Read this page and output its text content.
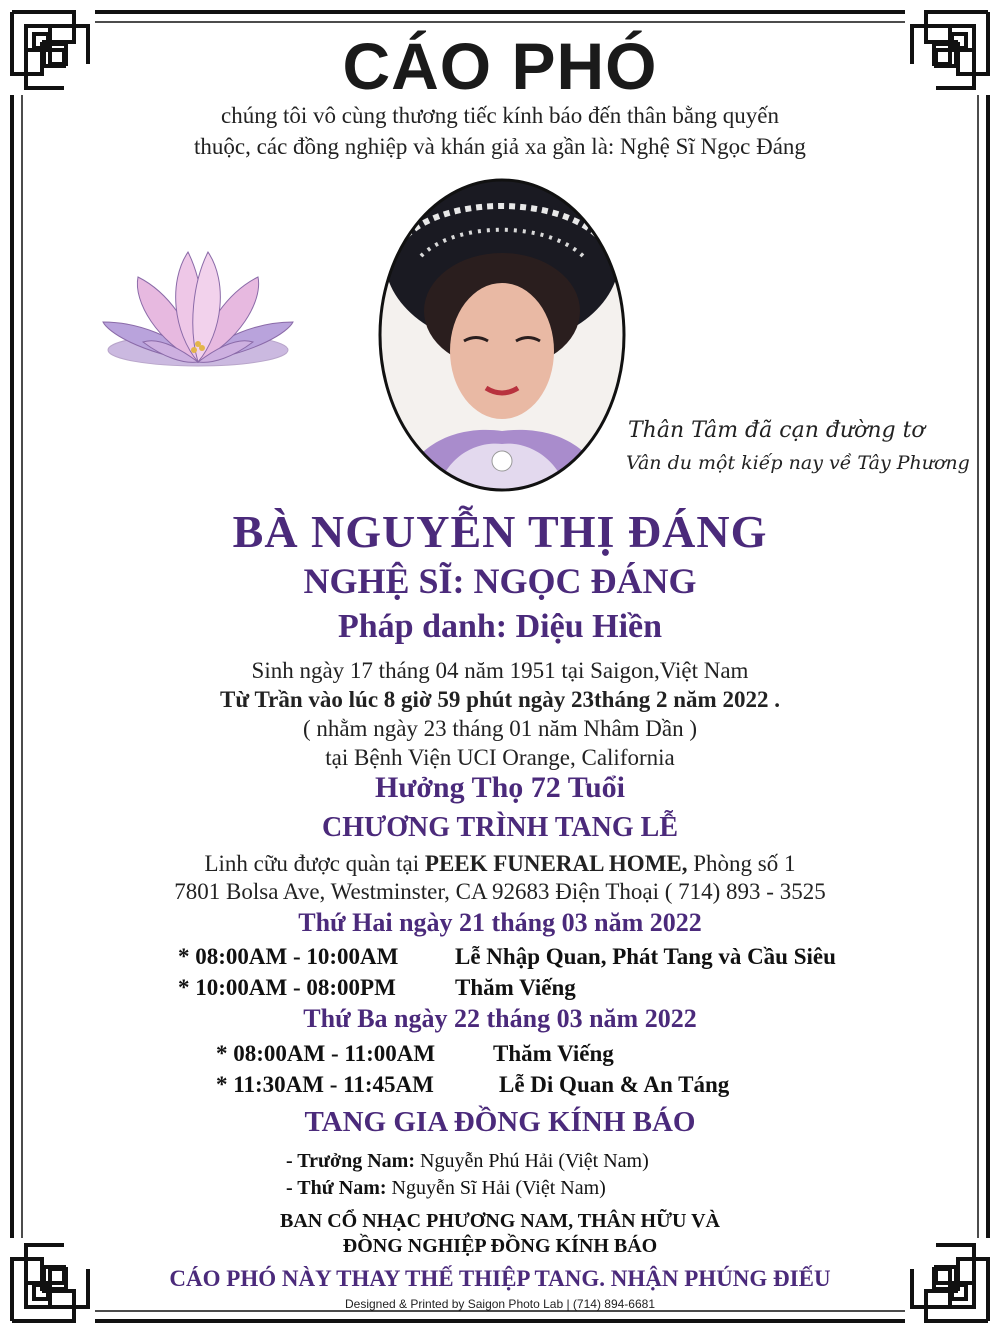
CÁO PHÓ
chúng tôi vô cùng thương tiếc kính báo đến thân bằng quyến
thuộc, các đồng nghiệp và khán giả xa gần là: Nghệ Sĩ Ngọc Đáng
Thân Tâm đã cạn đường tơ
Vân du một kiếp nay về Tây Phương
BÀ NGUYỄN THỊ ĐÁNG
NGHỆ SĨ: NGỌC ĐÁNG
Pháp danh: Diệu Hiền
Sinh ngày 17 tháng 04 năm 1951 tại Saigon,Việt Nam
Từ Trần vào lúc 8 giờ 59 phút ngày 23tháng 2 năm 2022 .
( nhằm ngày 23 tháng 01 năm Nhâm Dần )
tại Bệnh Viện UCI Orange, California
Hưởng Thọ 72 Tuổi
CHƯƠNG TRÌNH TANG LỄ
Linh cữu được quàn tại PEEK FUNERAL HOME, Phòng số 1
7801 Bolsa Ave, Westminster, CA 92683 Điện Thoại ( 714) 893 - 3525
Thứ Hai ngày 21 tháng 03 năm 2022
* 08:00AM - 10:00AM Lễ Nhập Quan, Phát Tang và Cầu Siêu
* 10:00AM - 08:00PM	Thăm Viếng
Thứ Ba ngày 22 tháng 03 năm 2022
* 08:00AM - 11:00AM	Thăm Viếng
* 11:30AM - 11:45AM	Lễ Di Quan & An Táng
TANG GIA ĐỒNG KÍNH BÁO
- Trưởng Nam: Nguyễn Phú Hải (Việt Nam)
- Thứ Nam: Nguyễn Sĩ Hải (Việt Nam)
BAN CỔ NHẠC PHƯƠNG NAM, THÂN HỮU VÀ
ĐỒNG NGHIỆP ĐỒNG KÍNH BÁO
CÁO PHÓ NÀY THAY THẾ THIỆP TANG. NHẬN PHÚNG ĐIẾU
Designed & Printed by Saigon Photo Lab | (714) 894-6681
